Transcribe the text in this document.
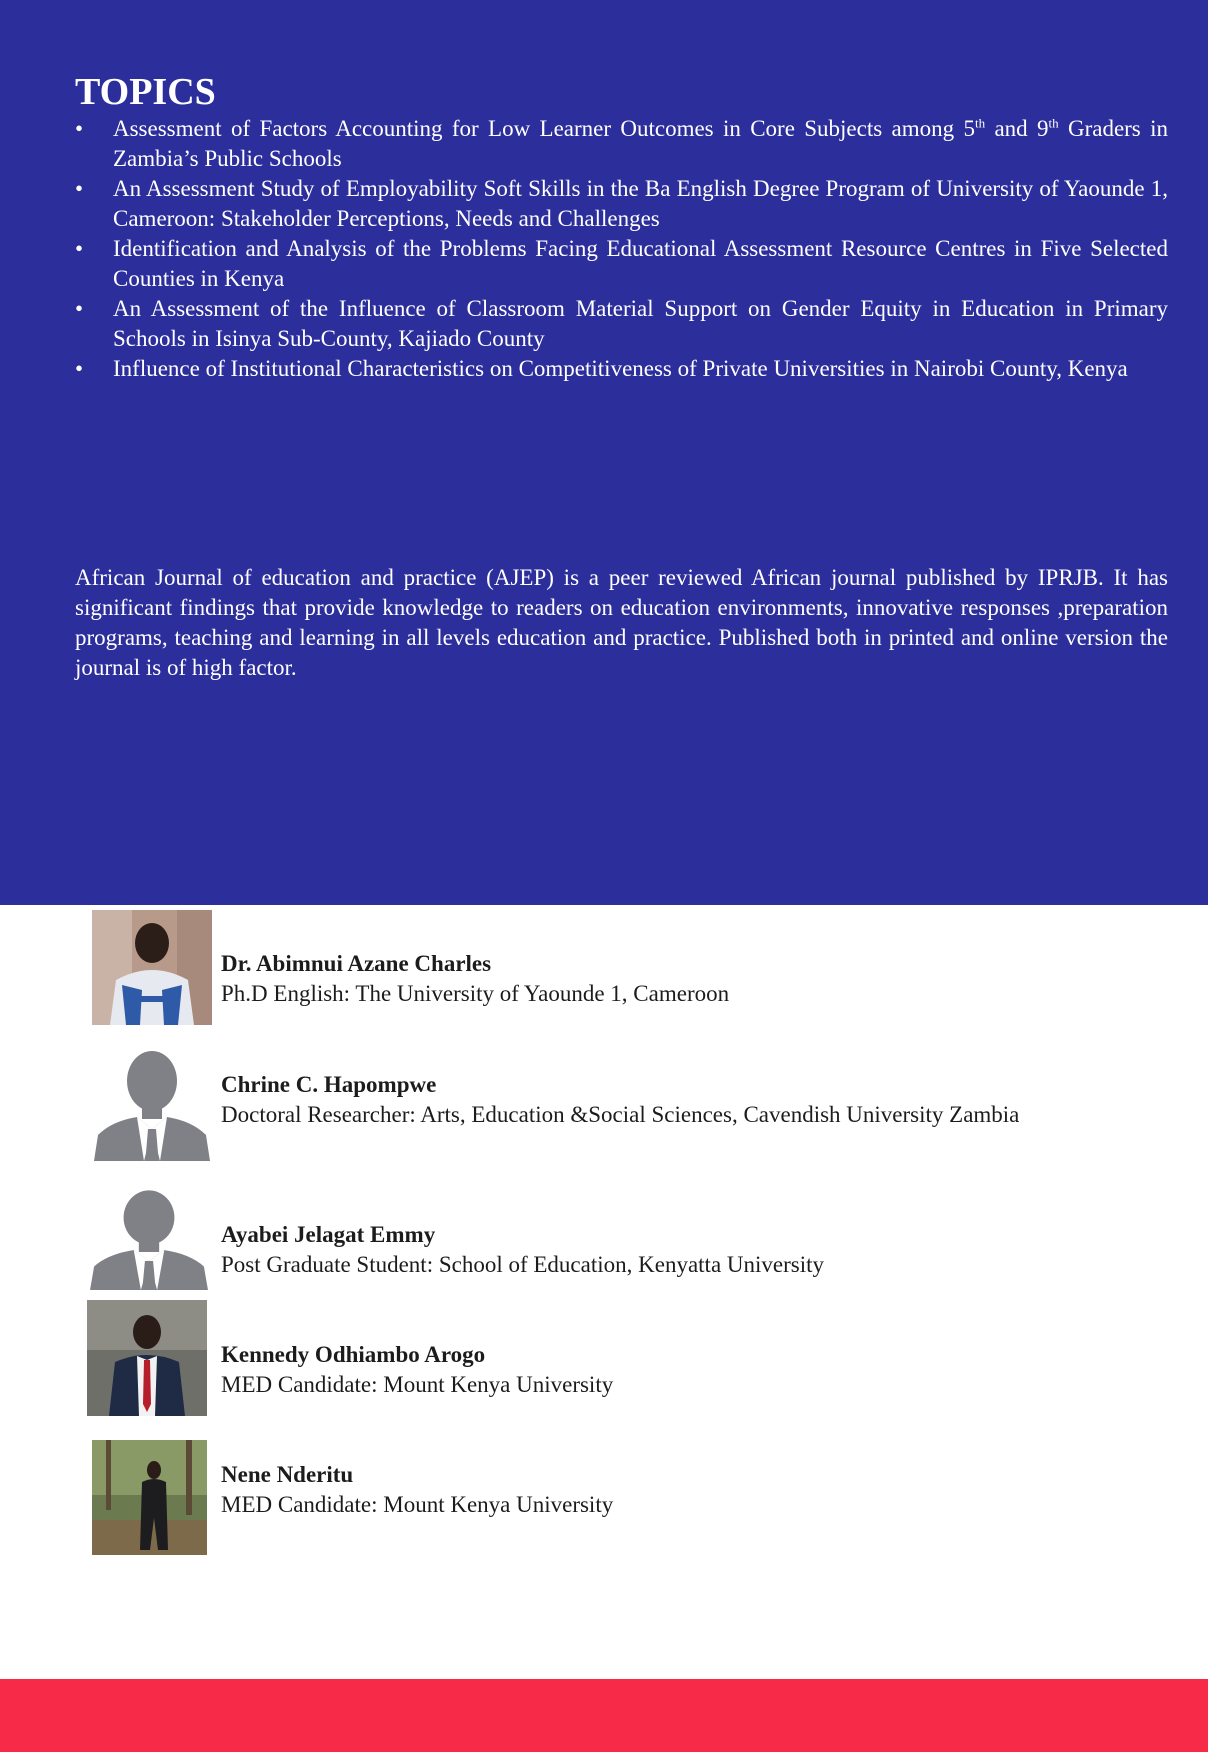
TOPICS
•	Assessment of Factors Accounting for Low Learner Outcomes in Core Subjects among 5th and 9th Graders in Zambia’s Public Schools
•	An Assessment Study of Employability Soft Skills in the Ba English Degree Program of University of Yaounde 1, Cameroon: Stakeholder Perceptions, Needs and Challenges
•	Identification and Analysis of the Problems Facing Educational Assessment Resource Centres in Five Selected Counties in Kenya
•	An Assessment of the Influence of Classroom Material Support on Gender Equity in Education in Primary Schools in Isinya Sub-County, Kajiado County
•	Influence of Institutional Characteristics on Competitiveness of Private Universities in Nairobi County, Kenya

African Journal of education and practice (AJEP) is a peer reviewed African journal published by IPRJB. It has significant findings that provide knowledge to readers on education environments, innovative responses ,preparation programs, teaching and learning in all levels education and practice. Published both in printed and online version the journal is of high factor.

Dr. Abimnui Azane Charles
Ph.D English: The University of Yaounde 1, Cameroon
Chrine C. Hapompwe
Doctoral Researcher: Arts, Education &Social Sciences, Cavendish University Zambia
Ayabei Jelagat Emmy
Post Graduate Student: School of Education, Kenyatta University
Kennedy Odhiambo Arogo
MED Candidate: Mount Kenya University
Nene Nderitu
MED Candidate: Mount Kenya University
